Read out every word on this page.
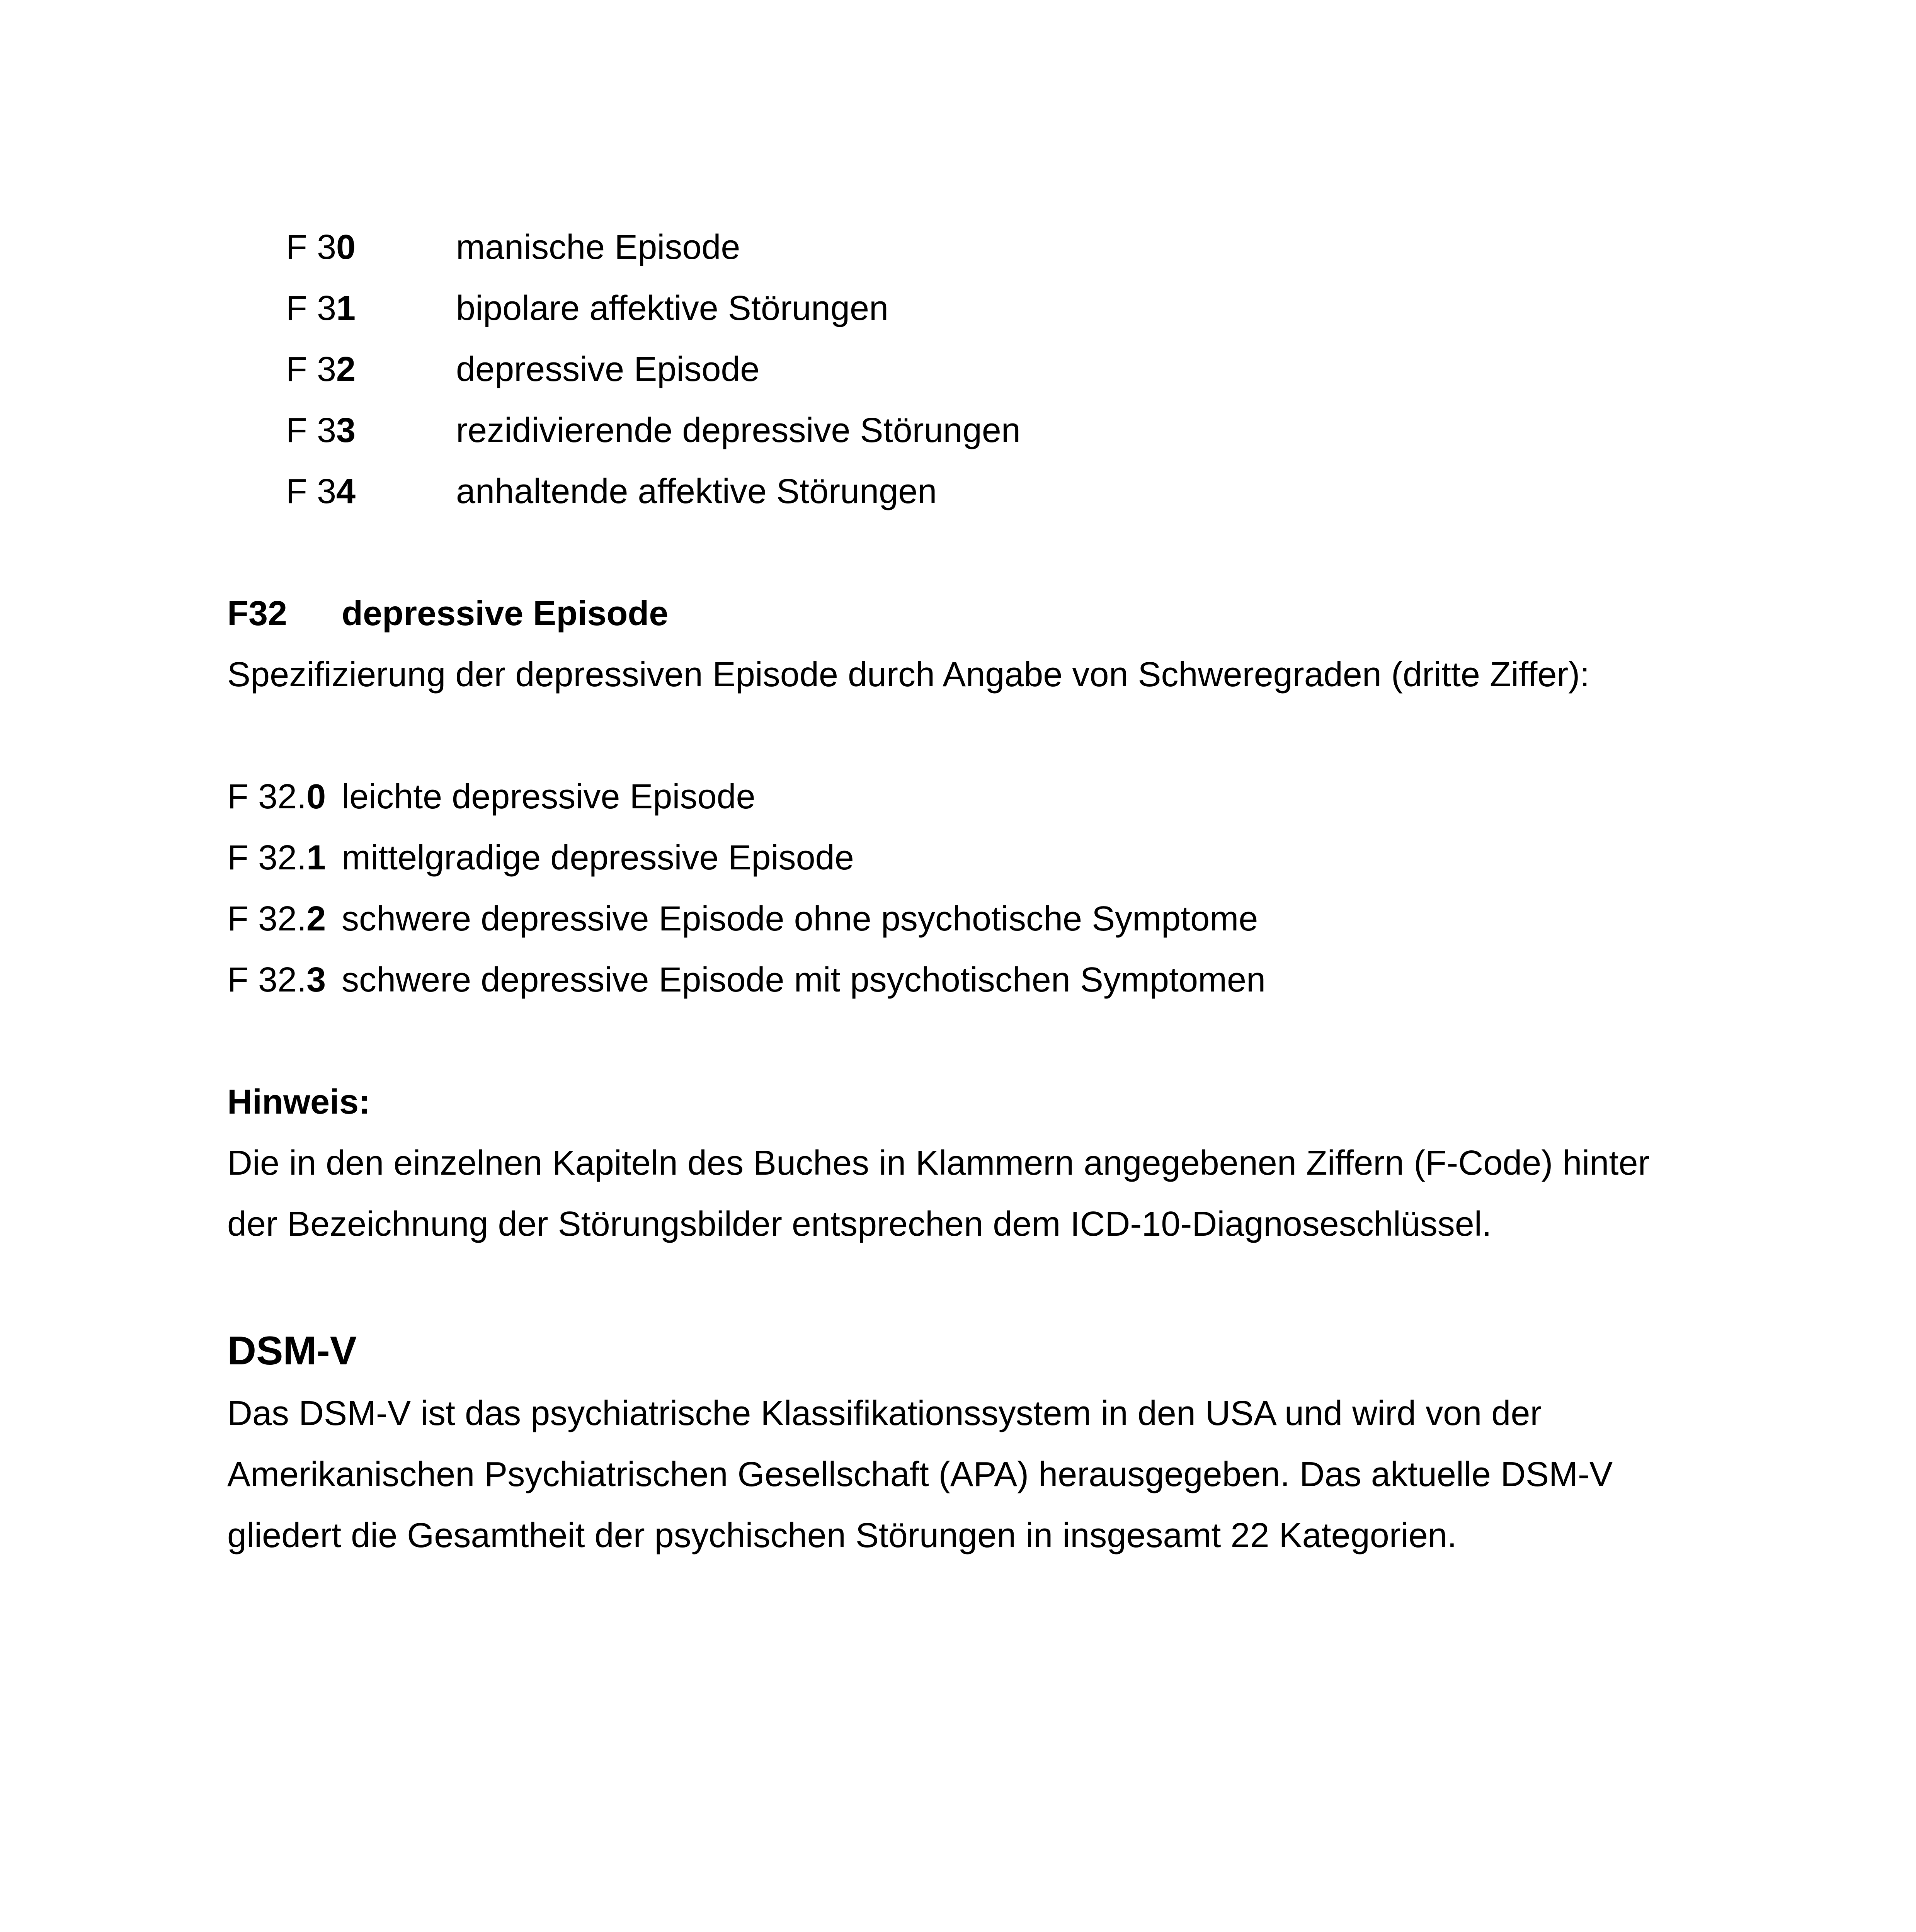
F 30	manische Episode
F 31	bipolare affektive Störungen
F 32	depressive Episode
F 33	rezidivierende depressive Störungen
F 34	anhaltende affektive Störungen
F32 depressive Episode
Spezifizierung der depressiven Episode durch Angabe von Schweregraden (dritte Ziffer):
F 32.0 leichte depressive Episode
F 32.1 mittelgradige depressive Episode
F 32.2 schwere depressive Episode ohne psychotische Symptome
F 32.3 schwere depressive Episode mit psychotischen Symptomen
Hinweis:
Die in den einzelnen Kapiteln des Buches in Klammern angegebenen Ziffern (F-Code) hinter
der Bezeichnung der Störungsbilder entsprechen dem ICD-10-Diagnoseschlüssel.
DSM-V
Das DSM-V ist das psychiatrische Klassifikationssystem in den USA und wird von der
Amerikanischen Psychiatrischen Gesellschaft (APA) herausgegeben. Das aktuelle DSM-V
gliedert die Gesamtheit der psychischen Störungen in insgesamt 22 Kategorien.
